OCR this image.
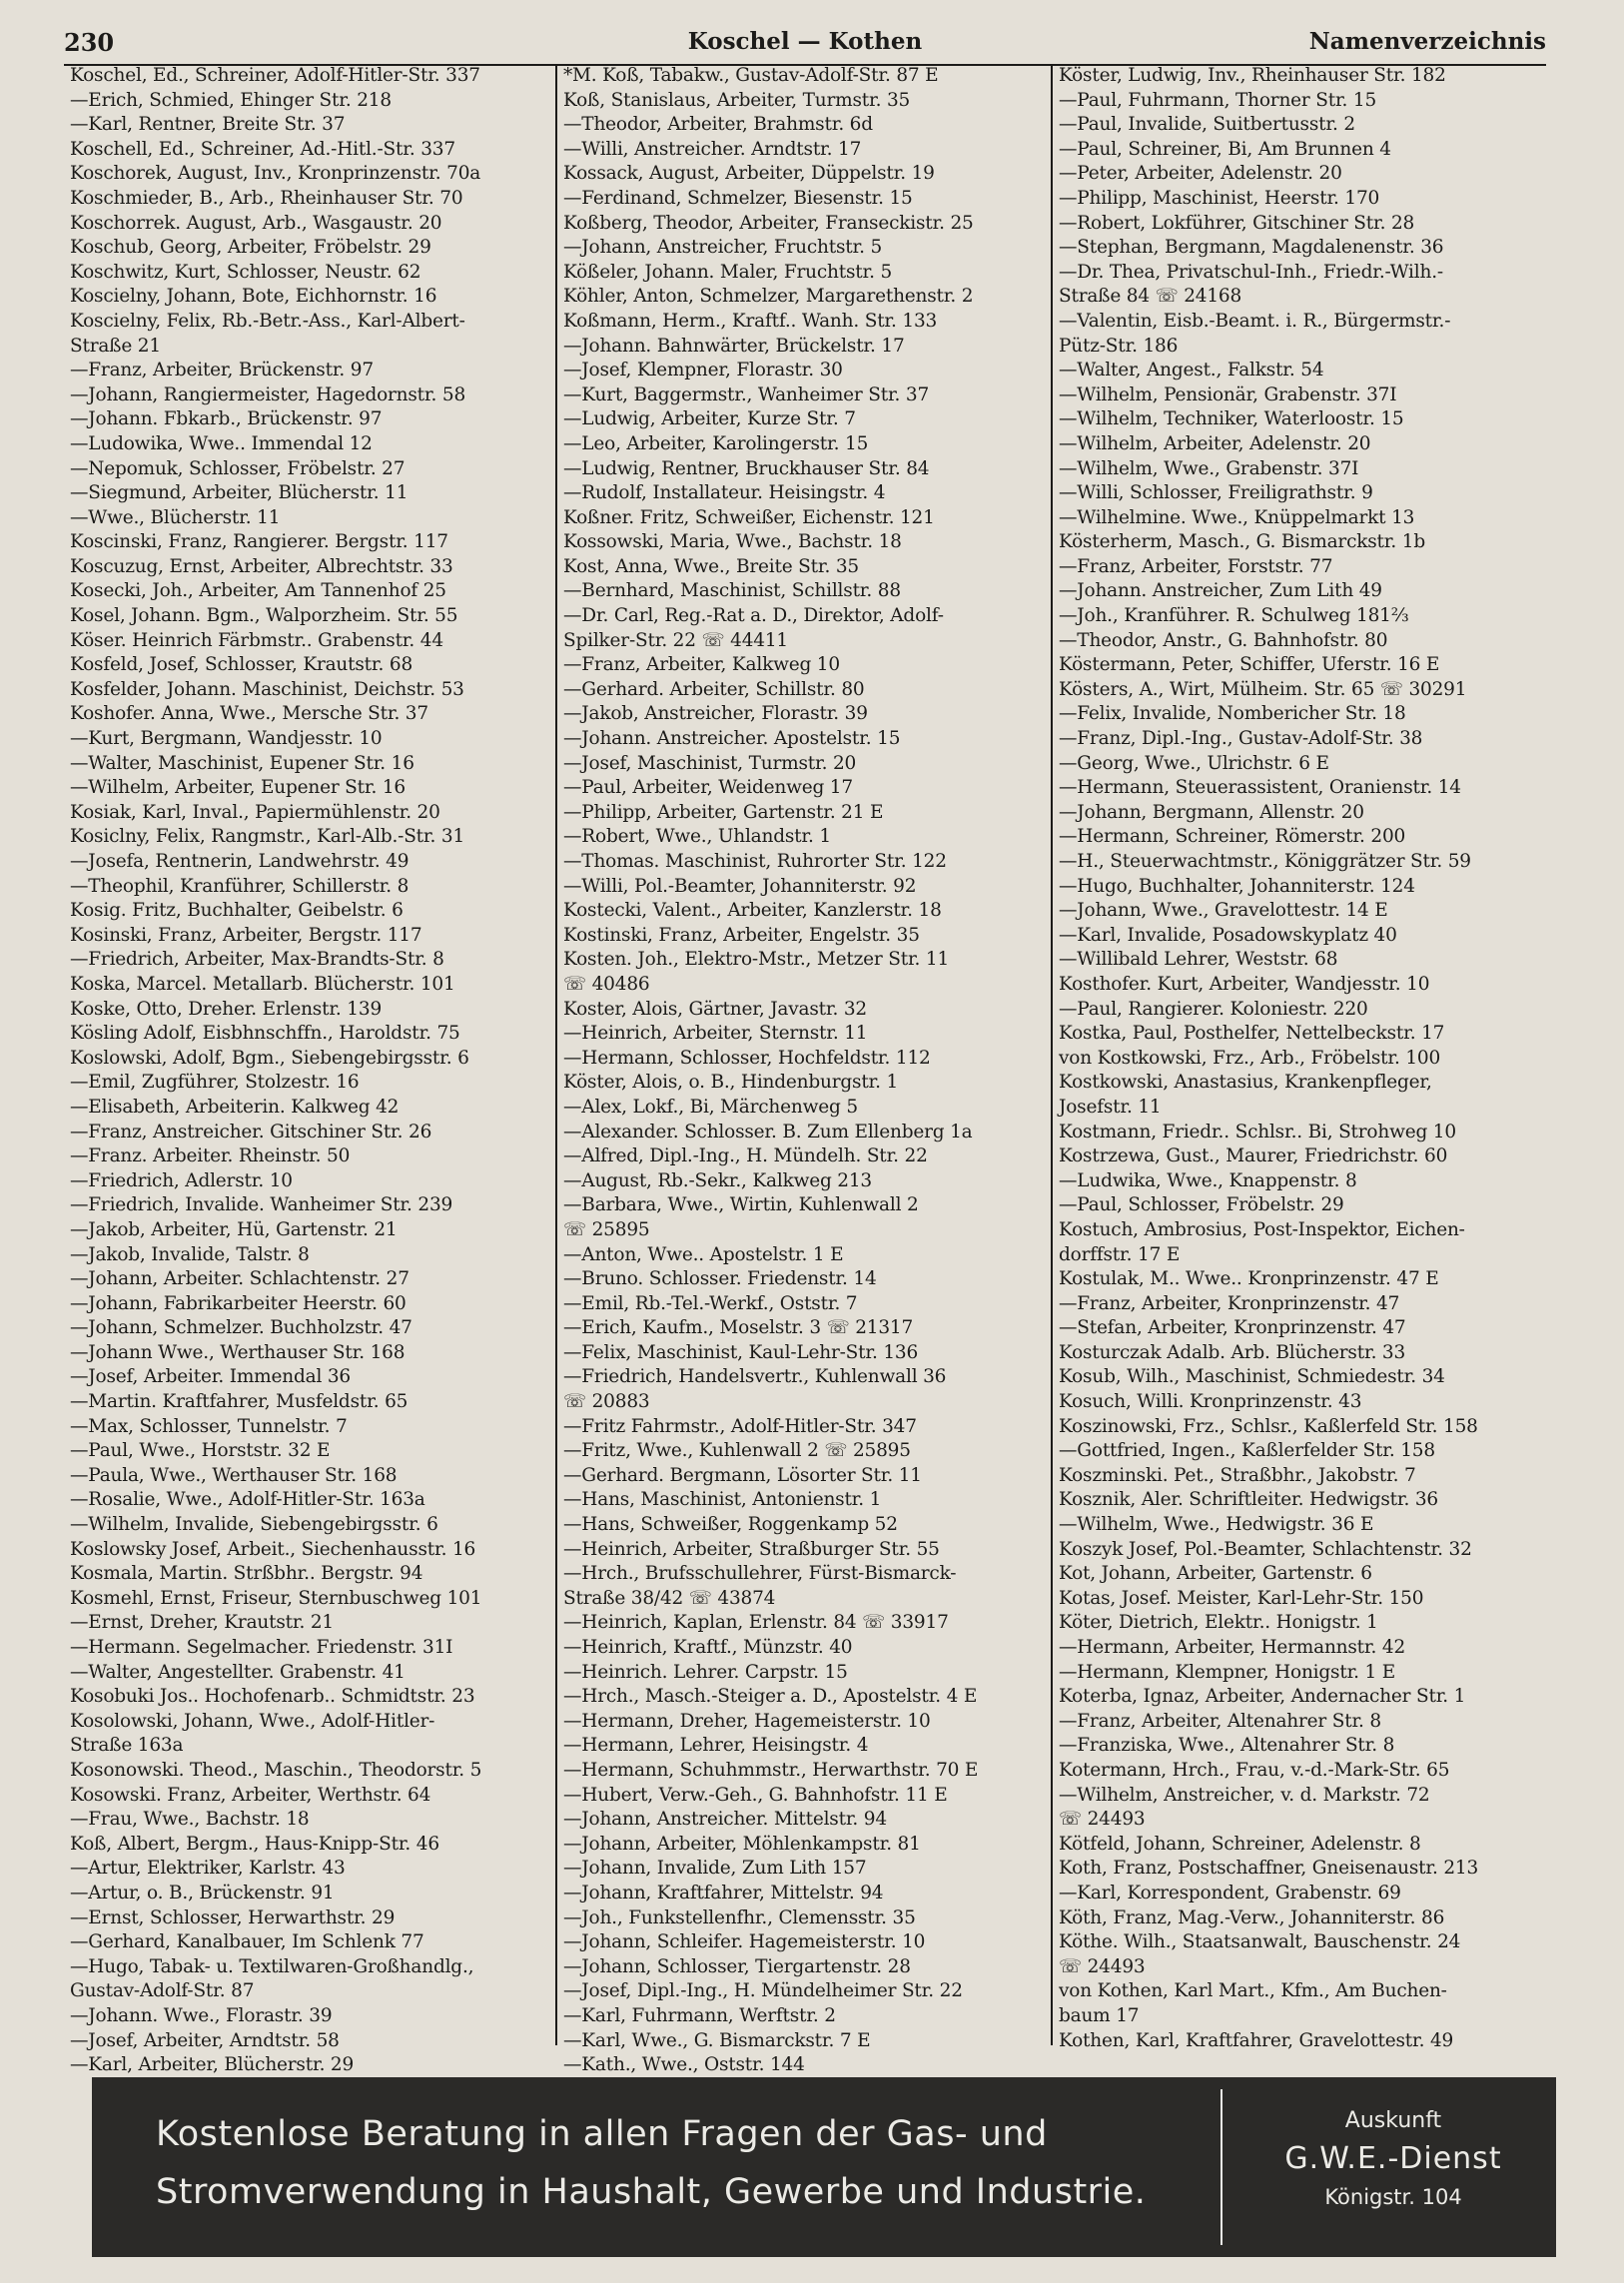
230	Koschel — Kothen	Namenverzeichnis
Koschel, Ed., Schreiner, Adolf-Hitler-Str. 337
—Erich, Schmied, Ehinger Str. 218
—Karl, Rentner, Breite Str. 37
Koschell, Ed., Schreiner, Ad.-Hitl.-Str. 337
Koschorek, August, Inv., Kronprinzenstr. 70a
Koschmieder, B., Arb., Rheinhauser Str. 70
Koschorrek. August, Arb., Wasgaustr. 20
Koschub, Georg, Arbeiter, Fröbelstr. 29
Koschwitz, Kurt, Schlosser, Neustr. 62
Koscielny, Johann, Bote, Eichhornstr. 16
Koscielny, Felix, Rb.-Betr.-Ass., Karl-Albert-
Straße 21
—Franz, Arbeiter, Brückenstr. 97
—Johann, Rangiermeister, Hagedornstr. 58
—Johann. Fbkarb., Brückenstr. 97
—Ludowika, Wwe.. Immendal 12
—Nepomuk, Schlosser, Fröbelstr. 27
—Siegmund, Arbeiter, Blücherstr. 11
—Wwe., Blücherstr. 11
Koscinski, Franz, Rangierer. Bergstr. 117
Koscuzug, Ernst, Arbeiter, Albrechtstr. 33
Kosecki, Joh., Arbeiter, Am Tannenhof 25
Kosel, Johann. Bgm., Walporzheim. Str. 55
Köser. Heinrich Färbmstr.. Grabenstr. 44
Kosfeld, Josef, Schlosser, Krautstr. 68
Kosfelder, Johann. Maschinist, Deichstr. 53
Koshofer. Anna, Wwe., Mersche Str. 37
—Kurt, Bergmann, Wandjesstr. 10
—Walter, Maschinist, Eupener Str. 16
—Wilhelm, Arbeiter, Eupener Str. 16
Kosiak, Karl, Inval., Papiermühlenstr. 20
Kosiclny, Felix, Rangmstr., Karl-Alb.-Str. 31
—Josefa, Rentnerin, Landwehrstr. 49
—Theophil, Kranführer, Schillerstr. 8
Kosig. Fritz, Buchhalter, Geibelstr. 6
Kosinski, Franz, Arbeiter, Bergstr. 117
—Friedrich, Arbeiter, Max-Brandts-Str. 8
Koska, Marcel. Metallarb. Blücherstr. 101
Koske, Otto, Dreher. Erlenstr. 139
Kösling Adolf, Eisbhnschffn., Haroldstr. 75
Koslowski, Adolf, Bgm., Siebengebirgsstr. 6
—Emil, Zugführer, Stolzestr. 16
—Elisabeth, Arbeiterin. Kalkweg 42
—Franz, Anstreicher. Gitschiner Str. 26
—Franz. Arbeiter. Rheinstr. 50
—Friedrich, Adlerstr. 10
—Friedrich, Invalide. Wanheimer Str. 239
—Jakob, Arbeiter, Hü, Gartenstr. 21
—Jakob, Invalide, Talstr. 8
—Johann, Arbeiter. Schlachtenstr. 27
—Johann, Fabrikarbeiter Heerstr. 60
—Johann, Schmelzer. Buchholzstr. 47
—Johann Wwe., Werthauser Str. 168
—Josef, Arbeiter. Immendal 36
—Martin. Kraftfahrer, Musfeldstr. 65
—Max, Schlosser, Tunnelstr. 7
—Paul, Wwe., Horststr. 32 E
—Paula, Wwe., Werthauser Str. 168
—Rosalie, Wwe., Adolf-Hitler-Str. 163a
—Wilhelm, Invalide, Siebengebirgsstr. 6
Koslowsky Josef, Arbeit., Siechenhausstr. 16
Kosmala, Martin. Strßbhr.. Bergstr. 94
Kosmehl, Ernst, Friseur, Sternbuschweg 101
—Ernst, Dreher, Krautstr. 21
—Hermann. Segelmacher. Friedenstr. 31I
—Walter, Angestellter. Grabenstr. 41
Kosobuki Jos.. Hochofenarb.. Schmidtstr. 23
Kosolowski, Johann, Wwe., Adolf-Hitler-
Straße 163a
Kosonowski. Theod., Maschin., Theodorstr. 5
Kosowski. Franz, Arbeiter, Werthstr. 64
—Frau, Wwe., Bachstr. 18
Koß, Albert, Bergm., Haus-Knipp-Str. 46
—Artur, Elektriker, Karlstr. 43
—Artur, o. B., Brückenstr. 91
—Ernst, Schlosser, Herwarthstr. 29
—Gerhard, Kanalbauer, Im Schlenk 77
—Hugo, Tabak- u. Textilwaren-Großhandlg.,
Gustav-Adolf-Str. 87
—Johann. Wwe., Florastr. 39
—Josef, Arbeiter, Arndtstr. 58
—Karl, Arbeiter, Blücherstr. 29
*M. Koß, Tabakw., Gustav-Adolf-Str. 87 E
Koß, Stanislaus, Arbeiter, Turmstr. 35
—Theodor, Arbeiter, Brahmstr. 6d
—Willi, Anstreicher. Arndtstr. 17
Kossack, August, Arbeiter, Düppelstr. 19
—Ferdinand, Schmelzer, Biesenstr. 15
Koßberg, Theodor, Arbeiter, Franseckistr. 25
—Johann, Anstreicher, Fruchtstr. 5
Kößeler, Johann. Maler, Fruchtstr. 5
Köhler, Anton, Schmelzer, Margarethenstr. 2
Koßmann, Herm., Kraftf.. Wanh. Str. 133
—Johann. Bahnwärter, Brückelstr. 17
—Josef, Klempner, Florastr. 30
—Kurt, Baggermstr., Wanheimer Str. 37
—Ludwig, Arbeiter, Kurze Str. 7
—Leo, Arbeiter, Karolingerstr. 15
—Ludwig, Rentner, Bruckhauser Str. 84
—Rudolf, Installateur. Heisingstr. 4
Koßner. Fritz, Schweißer, Eichenstr. 121
Kossowski, Maria, Wwe., Bachstr. 18
Kost, Anna, Wwe., Breite Str. 35
—Bernhard, Maschinist, Schillstr. 88
—Dr. Carl, Reg.-Rat a. D., Direktor, Adolf-
Spilker-Str. 22 ☏ 44411
—Franz, Arbeiter, Kalkweg 10
—Gerhard. Arbeiter, Schillstr. 80
—Jakob, Anstreicher, Florastr. 39
—Johann. Anstreicher. Apostelstr. 15
—Josef, Maschinist, Turmstr. 20
—Paul, Arbeiter, Weidenweg 17
—Philipp, Arbeiter, Gartenstr. 21 E
—Robert, Wwe., Uhlandstr. 1
—Thomas. Maschinist, Ruhrorter Str. 122
—Willi, Pol.-Beamter, Johanniterstr. 92
Kostecki, Valent., Arbeiter, Kanzlerstr. 18
Kostinski, Franz, Arbeiter, Engelstr. 35
Kosten. Joh., Elektro-Mstr., Metzer Str. 11
☏ 40486
Koster, Alois, Gärtner, Javastr. 32
—Heinrich, Arbeiter, Sternstr. 11
—Hermann, Schlosser, Hochfeldstr. 112
Köster, Alois, o. B., Hindenburgstr. 1
—Alex, Lokf., Bi, Märchenweg 5
—Alexander. Schlosser. B. Zum Ellenberg 1a
—Alfred, Dipl.-Ing., H. Mündelh. Str. 22
—August, Rb.-Sekr., Kalkweg 213
—Barbara, Wwe., Wirtin, Kuhlenwall 2
☏ 25895
—Anton, Wwe.. Apostelstr. 1 E
—Bruno. Schlosser. Friedenstr. 14
—Emil, Rb.-Tel.-Werkf., Oststr. 7
—Erich, Kaufm., Moselstr. 3 ☏ 21317
—Felix, Maschinist, Kaul-Lehr-Str. 136
—Friedrich, Handelsvertr., Kuhlenwall 36
☏ 20883
—Fritz Fahrmstr., Adolf-Hitler-Str. 347
—Fritz, Wwe., Kuhlenwall 2 ☏ 25895
—Gerhard. Bergmann, Lösorter Str. 11
—Hans, Maschinist, Antonienstr. 1
—Hans, Schweißer, Roggenkamp 52
—Heinrich, Arbeiter, Straßburger Str. 55
—Hrch., Brufsschullehrer, Fürst-Bismarck-
Straße 38/42 ☏ 43874
—Heinrich, Kaplan, Erlenstr. 84 ☏ 33917
—Heinrich, Kraftf., Münzstr. 40
—Heinrich. Lehrer. Carpstr. 15
—Hrch., Masch.-Steiger a. D., Apostelstr. 4 E
—Hermann, Dreher, Hagemeisterstr. 10
—Hermann, Lehrer, Heisingstr. 4
—Hermann, Schuhmmstr., Herwarthstr. 70 E
—Hubert, Verw.-Geh., G. Bahnhofstr. 11 E
—Johann, Anstreicher. Mittelstr. 94
—Johann, Arbeiter, Möhlenkampstr. 81
—Johann, Invalide, Zum Lith 157
—Johann, Kraftfahrer, Mittelstr. 94
—Joh., Funkstellenfhr., Clemensstr. 35
—Johann, Schleifer. Hagemeisterstr. 10
—Johann, Schlosser, Tiergartenstr. 28
—Josef, Dipl.-Ing., H. Mündelheimer Str. 22
—Karl, Fuhrmann, Werftstr. 2
—Karl, Wwe., G. Bismarckstr. 7 E
—Kath., Wwe., Oststr. 144
Köster, Ludwig, Inv., Rheinhauser Str. 182
—Paul, Fuhrmann, Thorner Str. 15
—Paul, Invalide, Suitbertusstr. 2
—Paul, Schreiner, Bi, Am Brunnen 4
—Peter, Arbeiter, Adelenstr. 20
—Philipp, Maschinist, Heerstr. 170
—Robert, Lokführer, Gitschiner Str. 28
—Stephan, Bergmann, Magdalenenstr. 36
—Dr. Thea, Privatschul-Inh., Friedr.-Wilh.-
Straße 84 ☏ 24168
—Valentin, Eisb.-Beamt. i. R., Bürgermstr.-
Pütz-Str. 186
—Walter, Angest., Falkstr. 54
—Wilhelm, Pensionär, Grabenstr. 37I
—Wilhelm, Techniker, Waterloostr. 15
—Wilhelm, Arbeiter, Adelenstr. 20
—Wilhelm, Wwe., Grabenstr. 37I
—Willi, Schlosser, Freiligrathstr. 9
—Wilhelmine. Wwe., Knüppelmarkt 13
Kösterherm, Masch., G. Bismarckstr. 1b
—Franz, Arbeiter, Forststr. 77
—Johann. Anstreicher, Zum Lith 49
—Joh., Kranführer. R. Schulweg 181⅔
—Theodor, Anstr., G. Bahnhofstr. 80
Köstermann, Peter, Schiffer, Uferstr. 16 E
Kösters, A., Wirt, Mülheim. Str. 65 ☏ 30291
—Felix, Invalide, Nombericher Str. 18
—Franz, Dipl.-Ing., Gustav-Adolf-Str. 38
—Georg, Wwe., Ulrichstr. 6 E
—Hermann, Steuerassistent, Oranienstr. 14
—Johann, Bergmann, Allenstr. 20
—Hermann, Schreiner, Römerstr. 200
—H., Steuerwachtmstr., Königgrätzer Str. 59
—Hugo, Buchhalter, Johanniterstr. 124
—Johann, Wwe., Gravelottestr. 14 E
—Karl, Invalide, Posadowskyplatz 40
—Willibald Lehrer, Weststr. 68
Kosthofer. Kurt, Arbeiter, Wandjesstr. 10
—Paul, Rangierer. Koloniestr. 220
Kostka, Paul, Posthelfer, Nettelbeckstr. 17
von Kostkowski, Frz., Arb., Fröbelstr. 100
Kostkowski, Anastasius, Krankenpfleger,
Josefstr. 11
Kostmann, Friedr.. Schlsr.. Bi, Strohweg 10
Kostrzewa, Gust., Maurer, Friedrichstr. 60
—Ludwika, Wwe., Knappenstr. 8
—Paul, Schlosser, Fröbelstr. 29
Kostuch, Ambrosius, Post-Inspektor, Eichen-
dorffstr. 17 E
Kostulak, M.. Wwe.. Kronprinzenstr. 47 E
—Franz, Arbeiter, Kronprinzenstr. 47
—Stefan, Arbeiter, Kronprinzenstr. 47
Kosturczak Adalb. Arb. Blücherstr. 33
Kosub, Wilh., Maschinist, Schmiedestr. 34
Kosuch, Willi. Kronprinzenstr. 43
Koszinowski, Frz., Schlsr., Kaßlerfeld Str. 158
—Gottfried, Ingen., Kaßlerfelder Str. 158
Koszminski. Pet., Straßbhr., Jakobstr. 7
Kosznik, Aler. Schriftleiter. Hedwigstr. 36
—Wilhelm, Wwe., Hedwigstr. 36 E
Koszyk Josef, Pol.-Beamter, Schlachtenstr. 32
Kot, Johann, Arbeiter, Gartenstr. 6
Kotas, Josef. Meister, Karl-Lehr-Str. 150
Köter, Dietrich, Elektr.. Honigstr. 1
—Hermann, Arbeiter, Hermannstr. 42
—Hermann, Klempner, Honigstr. 1 E
Koterba, Ignaz, Arbeiter, Andernacher Str. 1
—Franz, Arbeiter, Altenahrer Str. 8
—Franziska, Wwe., Altenahrer Str. 8
Kotermann, Hrch., Frau, v.-d.-Mark-Str. 65
—Wilhelm, Anstreicher, v. d. Markstr. 72
☏ 24493
Kötfeld, Johann, Schreiner, Adelenstr. 8
Koth, Franz, Postschaffner, Gneisenaustr. 213
—Karl, Korrespondent, Grabenstr. 69
Köth, Franz, Mag.-Verw., Johanniterstr. 86
Köthe. Wilh., Staatsanwalt, Bauschenstr. 24
☏ 24493
von Kothen, Karl Mart., Kfm., Am Buchen-
baum 17
Kothen, Karl, Kraftfahrer, Gravelottestr. 49
Kostenlose Beratung in allen Fragen der Gas- und
Stromverwendung in Haushalt, Gewerbe und Industrie.
Auskunft
G.W.E.-Dienst
Königstr. 104
